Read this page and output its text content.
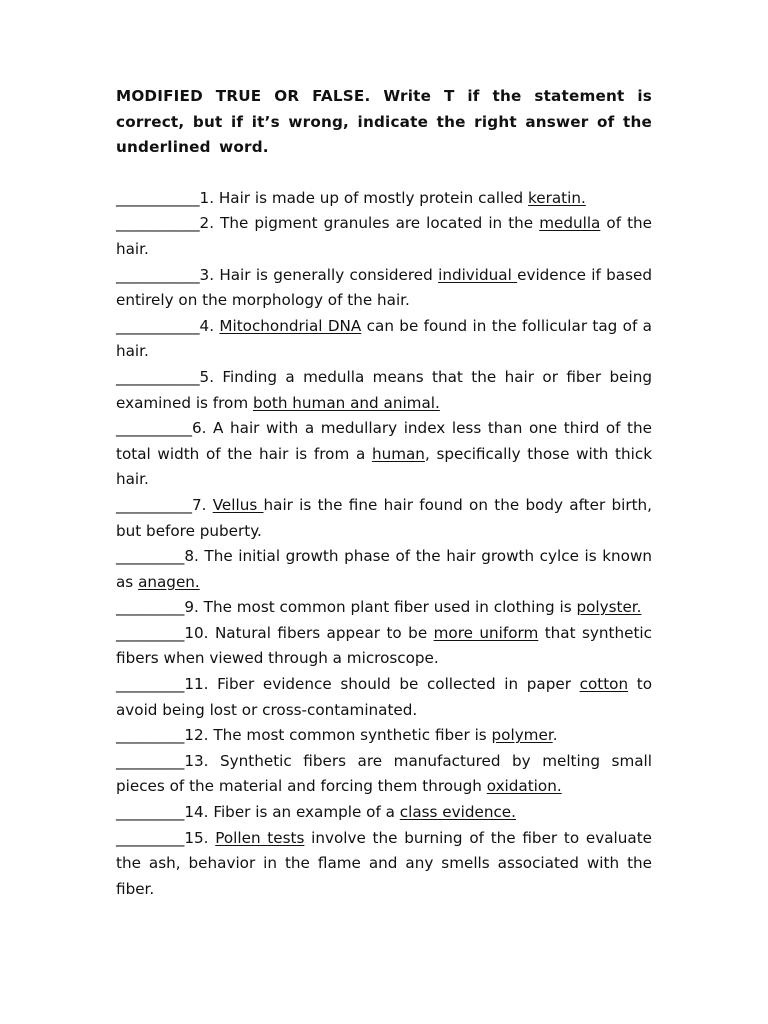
MODIFIED TRUE OR FALSE. Write T if the statement is correct, but if it’s wrong, indicate the right answer of the underlined word.

___________1. Hair is made up of mostly protein called keratin.

___________2. The pigment granules are located in the medulla of the hair.

___________3. Hair is generally considered individual evidence if based entirely on the morphology of the hair.

___________4. Mitochondrial DNA can be found in the follicular tag of a hair.

___________5. Finding a medulla means that the hair or fiber being examined is from both human and animal.

__________6. A hair with a medullary index less than one third of the total width of the hair is from a human, specifically those with thick hair.

__________7. Vellus hair is the fine hair found on the body after birth, but before puberty.

_________8. The initial growth phase of the hair growth cylce is known as anagen.

_________9. The most common plant fiber used in clothing is polyster.

_________10. Natural fibers appear to be more uniform that synthetic fibers when viewed through a microscope.

_________11. Fiber evidence should be collected in paper cotton to avoid being lost or cross-contaminated.

_________12. The most common synthetic fiber is polymer.

_________13. Synthetic fibers are manufactured by melting small pieces of the material and forcing them through oxidation.

_________14. Fiber is an example of a class evidence.

_________15. Pollen tests involve the burning of the fiber to evaluate the ash, behavior in the flame and any smells associated with the fiber.
